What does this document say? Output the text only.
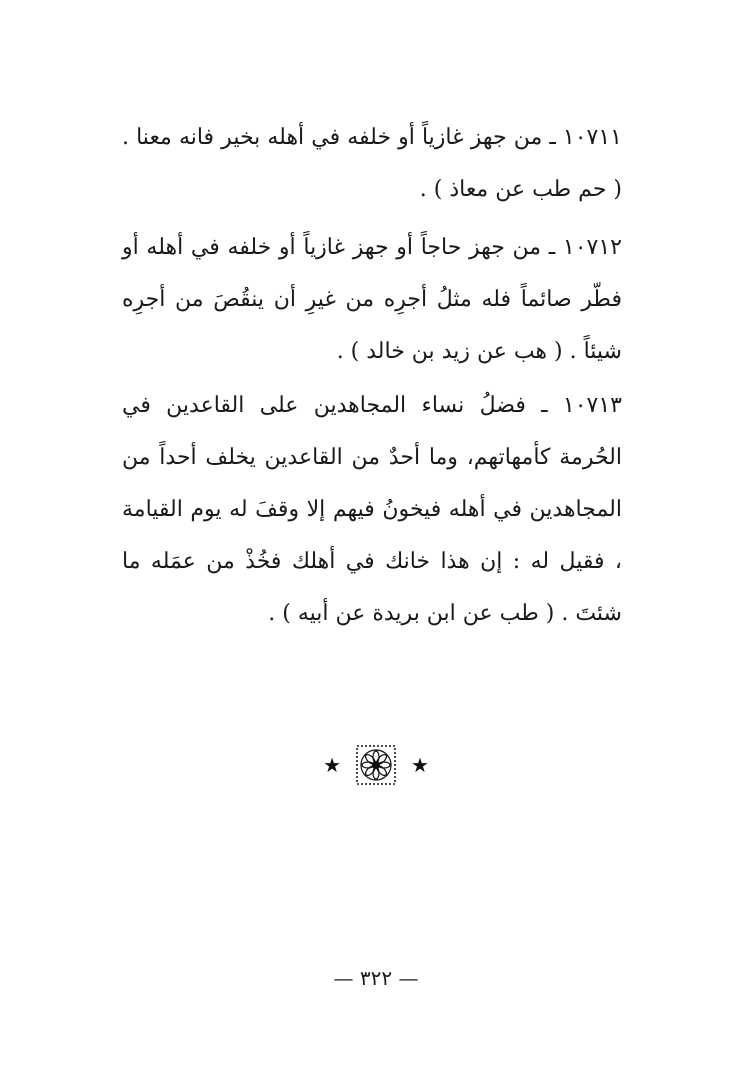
١٠٧١١ ـ من جهز غازياً أو خلفه في أهله بخير فانه معنا . ( حم طب عن معاذ ) .

١٠٧١٢ ـ من جهز حاجاً أو جهز غازياً أو خلفه في أهله أو فطّر صائماً فله مثلُ أجرِه من غيرِ أن ينقُصَ من أجرِه شيئاً . ( هب عن زيد بن خالد ) .

١٠٧١٣ ـ فضلُ نساء المجاهدين على القاعدين في الحُرمة كأمهاتهم، وما أحدٌ من القاعدين يخلف أحداً من المجاهدين في أهله فيخونُ فيهم إلا وقفَ له يوم القيامة ، فقيل له : إن هذا خانك في أهلك فخُذْ من عمَله ما شئتَ . ( طب عن ابن بريدة عن أبيه ) .

★	★
— ٣٢٢ —
